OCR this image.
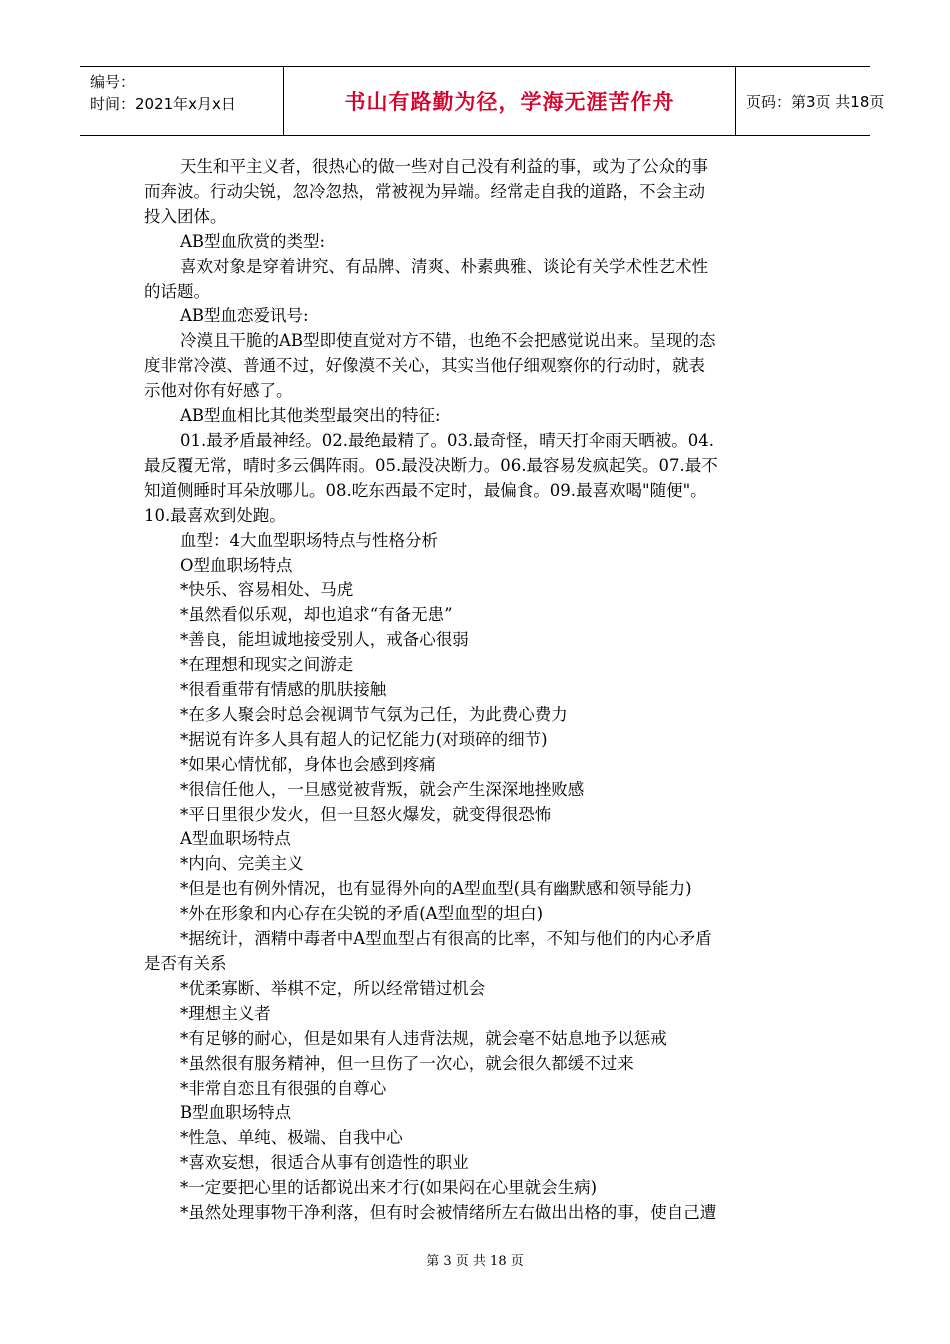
编号：
时间：2021年x月x日	书山有路勤为径，学海无涯苦作舟	页码：第3页 共18页
天生和平主义者，很热心的做一些对自己没有利益的事，或为了公众的事
而奔波。行动尖锐，忽冷忽热，常被视为异端。经常走自我的道路，不会主动
投入团体。
AB型血欣赏的类型:
喜欢对象是穿着讲究、有品牌、清爽、朴素典雅、谈论有关学术性艺术性
的话题。
AB型血恋爱讯号:
冷漠且干脆的AB型即使直觉对方不错，也绝不会把感觉说出来。呈现的态
度非常冷漠、普通不过，好像漠不关心，其实当他仔细观察你的行动时，就表
示他对你有好感了。
AB型血相比其他类型最突出的特征:
01.最矛盾最神经。02.最绝最精了。03.最奇怪，晴天打伞雨天晒被。04.
最反覆无常，晴时多云偶阵雨。05.最没决断力。06.最容易发疯起笑。07.最不
知道侧睡时耳朵放哪儿。08.吃东西最不定时，最偏食。09.最喜欢喝"随便"。
10.最喜欢到处跑。
血型：4大血型职场特点与性格分析
O型血职场特点
*快乐、容易相处、马虎
*虽然看似乐观，却也追求“有备无患”
*善良，能坦诚地接受别人，戒备心很弱
*在理想和现实之间游走
*很看重带有情感的肌肤接触
*在多人聚会时总会视调节气氛为己任，为此费心费力
*据说有许多人具有超人的记忆能力(对琐碎的细节)
*如果心情忧郁，身体也会感到疼痛
*很信任他人，一旦感觉被背叛，就会产生深深地挫败感
*平日里很少发火，但一旦怒火爆发，就变得很恐怖
A型血职场特点
*内向、完美主义
*但是也有例外情况，也有显得外向的A型血型(具有幽默感和领导能力)
*外在形象和内心存在尖锐的矛盾(A型血型的坦白)
*据统计，酒精中毒者中A型血型占有很高的比率，不知与他们的内心矛盾
是否有关系
*优柔寡断、举棋不定，所以经常错过机会
*理想主义者
*有足够的耐心，但是如果有人违背法规，就会毫不姑息地予以惩戒
*虽然很有服务精神，但一旦伤了一次心，就会很久都缓不过来
*非常自恋且有很强的自尊心
B型血职场特点
*性急、单纯、极端、自我中心
*喜欢妄想，很适合从事有创造性的职业
*一定要把心里的话都说出来才行(如果闷在心里就会生病)
*虽然处理事物干净利落，但有时会被情绪所左右做出出格的事，使自己遭
第 3 页 共 18 页
